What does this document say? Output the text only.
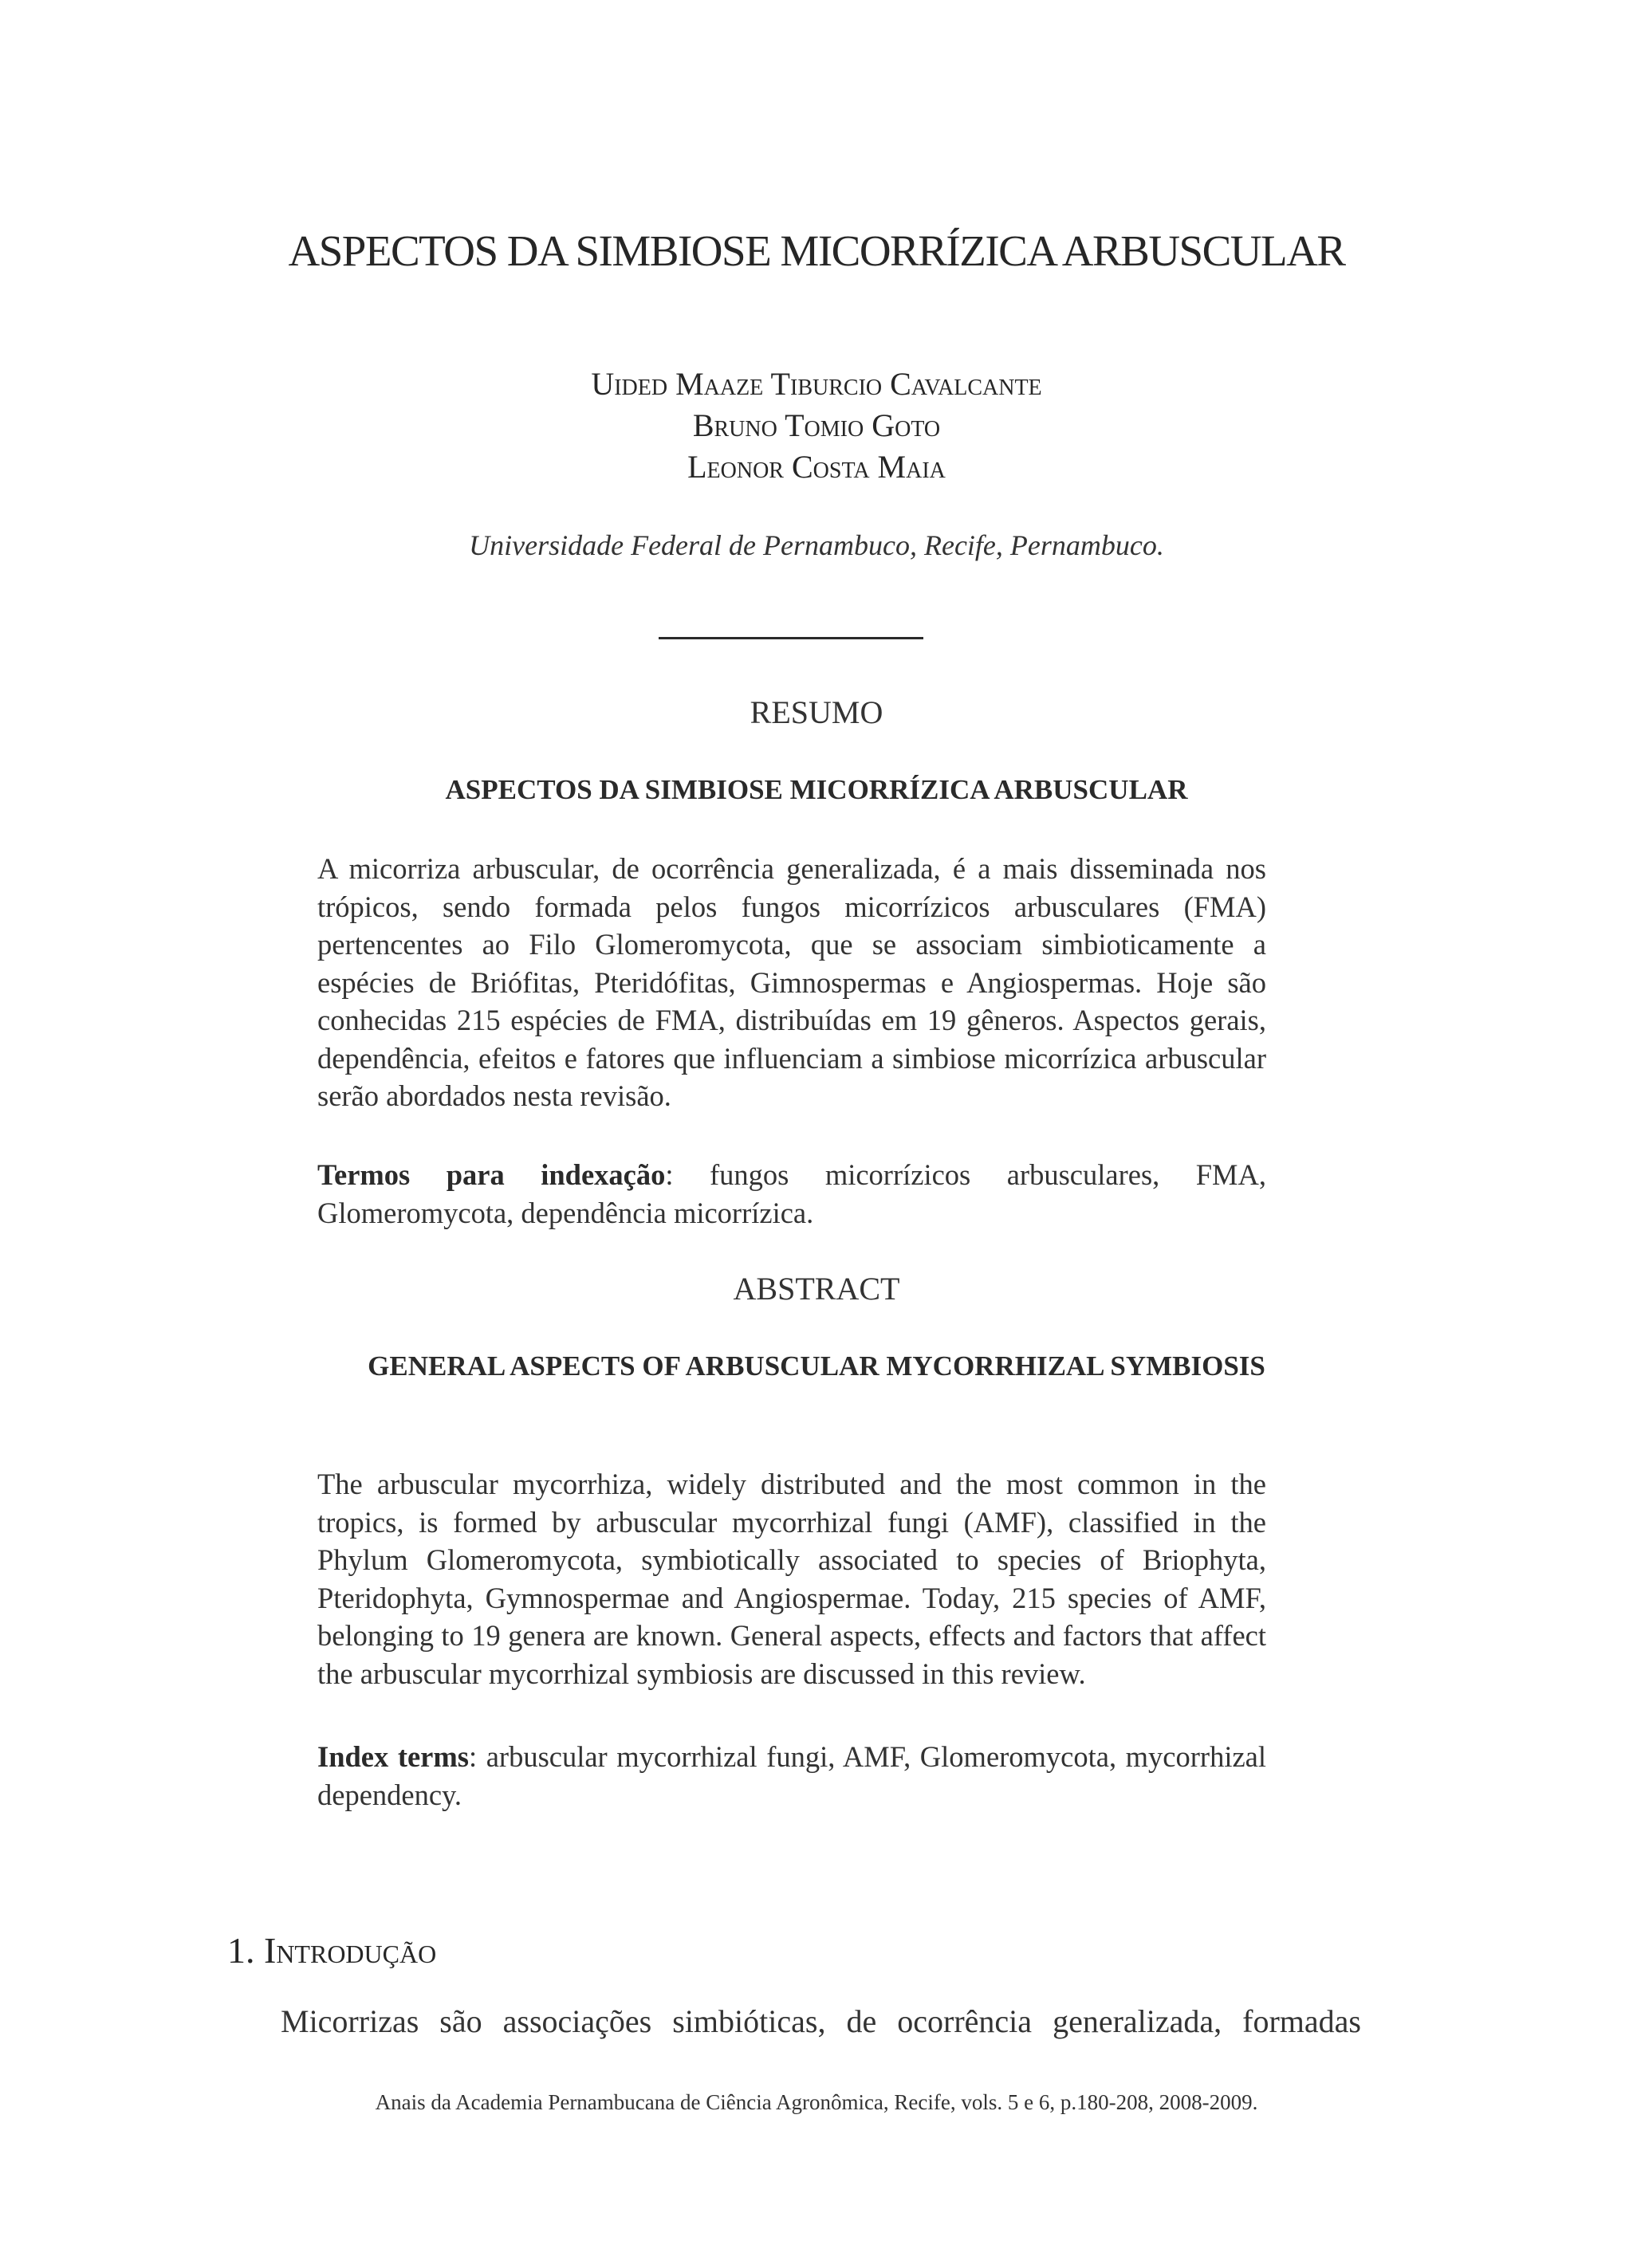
ASPECTOS DA SIMBIOSE MICORRÍZICA ARBUSCULAR
Uided Maaze Tiburcio Cavalcante
Bruno Tomio Goto
Leonor Costa Maia
Universidade Federal de Pernambuco, Recife, Pernambuco.
RESUMO
ASPECTOS DA SIMBIOSE MICORRÍZICA ARBUSCULAR
A micorriza arbuscular, de ocorrência generalizada, é a mais disseminada nos trópicos, sendo formada pelos fungos micorrízicos arbusculares (FMA) pertencentes ao Filo Glomeromycota, que se associam simbioticamente a espécies de Briófitas, Pteridófitas, Gimnospermas e Angiospermas. Hoje são conhecidas 215 espécies de FMA, distribuídas em 19 gêneros. Aspectos gerais, dependência, efeitos e fatores que influenciam a simbiose micorrízica arbuscular serão abordados nesta revisão.
Termos para indexação: fungos micorrízicos arbusculares, FMA, Glomeromycota, dependência micorrízica.
ABSTRACT
GENERAL ASPECTS OF ARBUSCULAR MYCORRHIZAL SYMBIOSIS
The arbuscular mycorrhiza, widely distributed and the most common in the tropics, is formed by arbuscular mycorrhizal fungi (AMF), classified in the Phylum Glomeromycota, symbiotically associated to species of Briophyta, Pteridophyta, Gymnospermae and Angiospermae. Today, 215 species of AMF, belonging to 19 genera are known. General aspects, effects and factors that affect the arbuscular mycorrhizal symbiosis are discussed in this review.
Index terms: arbuscular mycorrhizal fungi, AMF, Glomeromycota, mycorrhizal dependency.
1. Introdução
Micorrizas são associações simbióticas, de ocorrência generalizada, formadas
Anais da Academia Pernambucana de Ciência Agronômica, Recife, vols. 5 e 6, p.180-208, 2008-2009.
